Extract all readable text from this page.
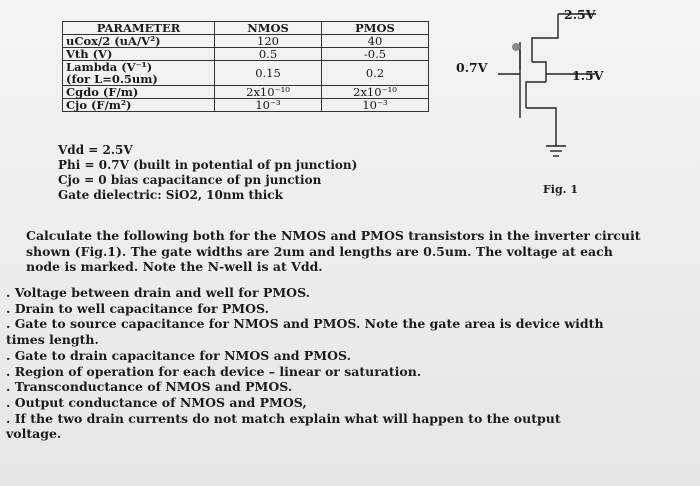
PARAMETER	NMOS	PMOS
uCox/2 (uA/V²)	120	40
Vth (V)	0.5	-0.5
Lambda (V⁻¹)
(for L=0.5um)	0.15	0.2
Cgdo (F/m)	2x10⁻¹⁰	2x10⁻¹⁰
Cjo (F/m²)	10⁻³	10⁻³
Vdd = 2.5V
Phi = 0.7V (built in potential of pn junction)
Cjo = 0 bias capacitance of pn junction
Gate dielectric: SiO2, 10nm thick
2.5V
0.7V
1.5V
Fig. 1
Calculate the following both for the NMOS and PMOS transistors in the inverter circuit shown (Fig.1). The gate widths are 2um and lengths are 0.5um. The voltage at each node is marked. Note the N-well is at Vdd.
. Voltage between drain and well for PMOS.
. Drain to well capacitance for PMOS.
. Gate to source capacitance for NMOS and PMOS. Note the gate area is device width
times length.
. Gate to drain capacitance for NMOS and PMOS.
. Region of operation for each device – linear or saturation.
. Transconductance of NMOS and PMOS.
. Output conductance of NMOS and PMOS,
. If the two drain currents do not match explain what will happen to the output
voltage.
